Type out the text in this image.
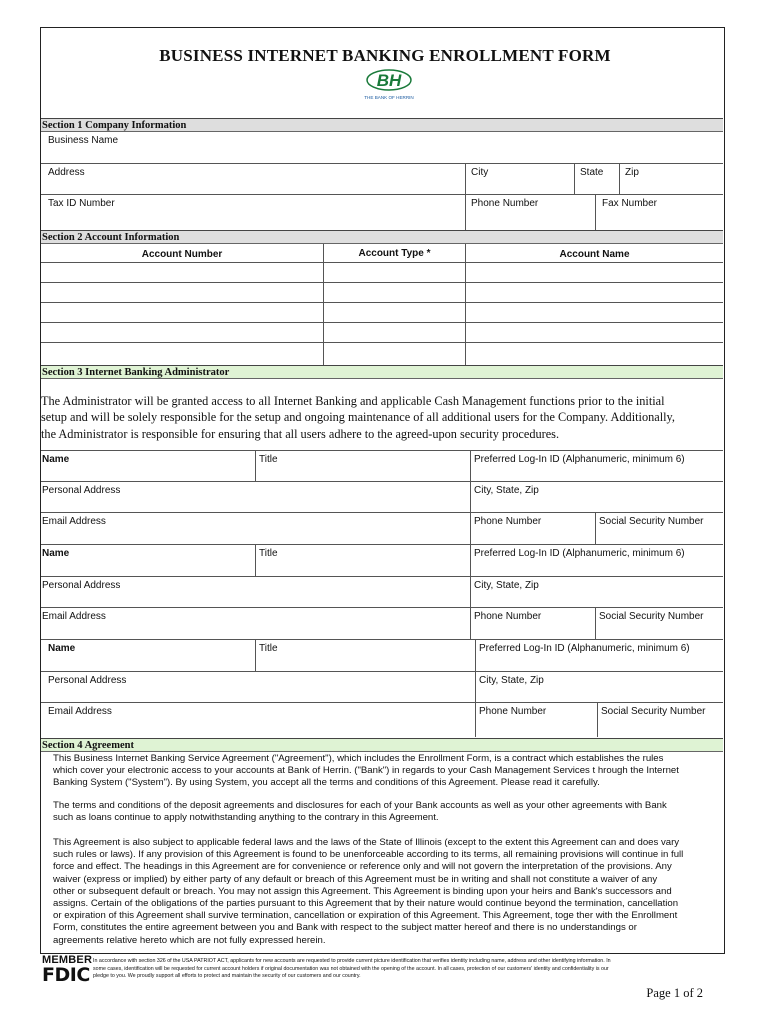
BUSINESS INTERNET BANKING ENROLLMENT FORM
BH
THE BANK OF HERRIN
Section 1 Company Information
Business Name
Address	City	State	Zip
Tax ID Number	Phone Number	Fax Number
Section 2 Account Information
Account Number	Account Type *	Account Name
Section 3 Internet Banking Administrator
The Administrator will be granted access to all Internet Banking and applicable Cash Management functions prior to the initial
setup and will be solely responsible for the setup and ongoing maintenance of all additional users for the Company. Additionally,
the Administrator is responsible for ensuring that all users adhere to the agreed-upon security procedures.
Name	Title	Preferred Log-In ID (Alphanumeric, minimum 6)
Personal Address	City, State, Zip
Email Address	Phone Number	Social Security Number
Name	Title	Preferred Log-In ID (Alphanumeric, minimum 6)
Personal Address	City, State, Zip
Email Address	Phone Number	Social Security Number
Name	Title	Preferred Log-In ID (Alphanumeric, minimum 6)
Personal Address	City, State, Zip
Email Address	Phone Number	Social Security Number
Section 4 Agreement
This Business Internet Banking Service Agreement ("Agreement"), which includes the Enrollment Form, is a contract which establishes the rules
which cover your electronic access to your accounts at Bank of Herrin. ("Bank") in regards to your Cash Management Services t hrough the Internet
Banking System ("System"). By using System, you accept all the terms and conditions of this Agreement. Please read it carefully.
The terms and conditions of the deposit agreements and disclosures for each of your Bank accounts as well as your other agreements with Bank
such as loans continue to apply notwithstanding anything to the contrary in this Agreement.
This Agreement is also subject to applicable federal laws and the laws of the State of Illinois (except to the extent this Agreement can and does vary
such rules or laws). If any provision of this Agreement is found to be unenforceable according to its terms, all remaining provisions will continue in full
force and effect. The headings in this Agreement are for convenience or reference only and will not govern the interpretation of the provisions. Any
waiver (express or implied) by either party of any default or breach of this Agreement must be in writing and shall not constitute a waiver of any
other or subsequent default or breach. You may not assign this Agreement. This Agreement is binding upon your heirs and Bank's successors and
assigns. Certain of the obligations of the parties pursuant to this Agreement that by their nature would continue beyond the termination, cancellation
or expiration of this Agreement shall survive termination, cancellation or expiration of this Agreement. This Agreement, toge ther with the Enrollment
Form, constitutes the entire agreement between you and Bank with respect to the subject matter hereof and there is no understandings or
agreements relative hereto which are not fully expressed herein.
MEMBER
FDIC
In accordance with section 326 of the USA PATRIOT ACT, applicants for new accounts are requested to provide current picture identification that verifies identity including name, address and other identifying information. In
some cases, identification will be requested for current account holders if original documentation was not obtained with the opening of the account. In all cases, protection of our customers' identity and confidentiality is our
pledge to you. We proudly support all efforts to protect and maintain the security of our customers and our country.
Page 1 of 2
